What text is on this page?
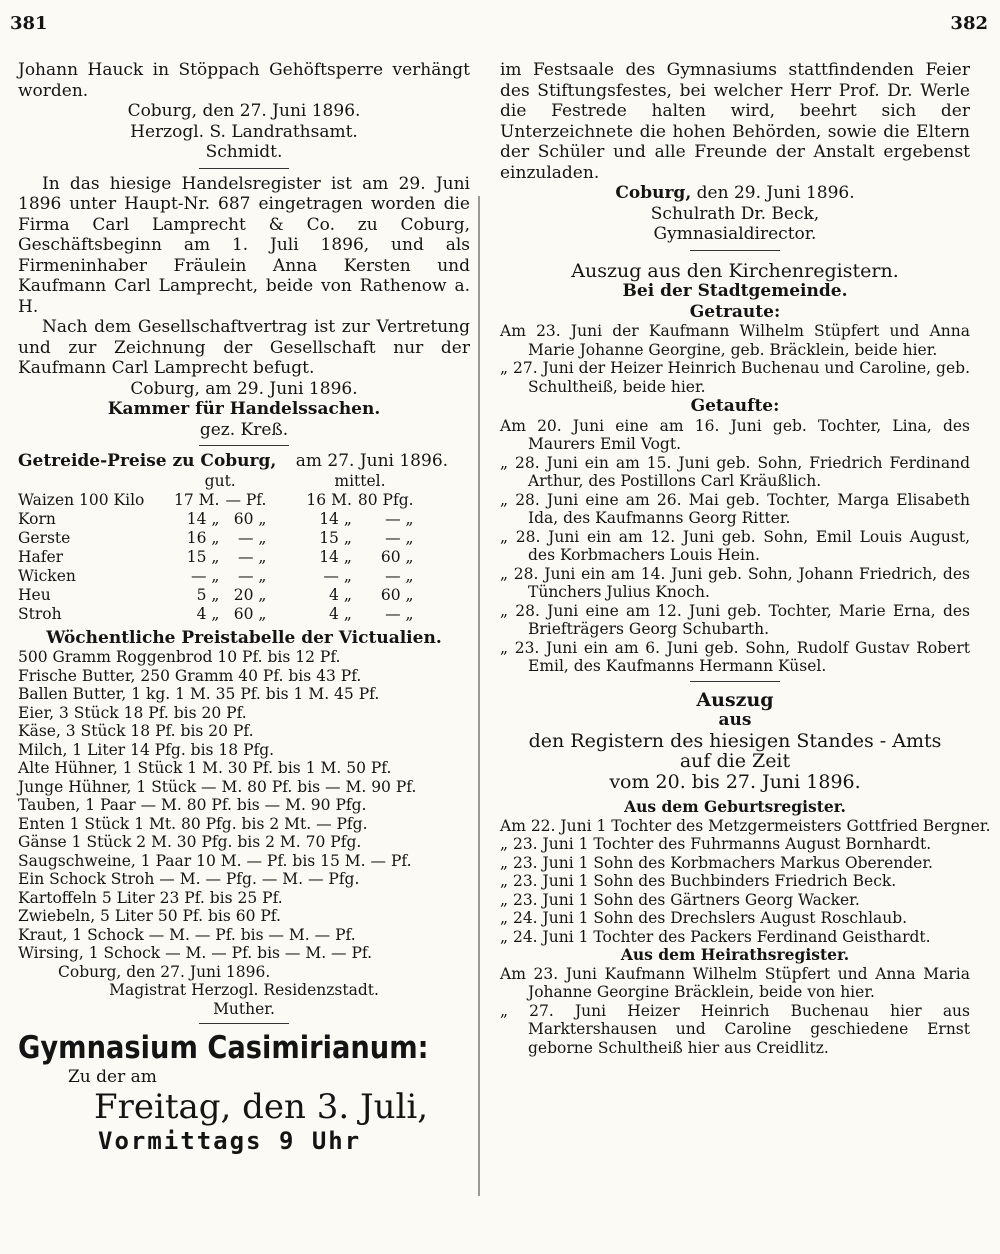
381	382

Johann Hauck in Stöppach Gehöftsperre verhängt worden.

Coburg, den 27. Juni 1896.

Herzogl. S. Landrathsamt.

Schmidt.

In das hiesige Handelsregister ist am 29. Juni 1896 unter Haupt-Nr. 687 eingetragen worden die Firma Carl Lamprecht & Co. zu Coburg, Geschäftsbeginn am 1. Juli 1896, und als Firmeninhaber Fräulein Anna Kersten und Kaufmann Carl Lamprecht, beide von Rathenow a. H.

Nach dem Gesellschaftvertrag ist zur Vertretung und zur Zeichnung der Gesellschaft nur der Kaufmann Carl Lamprecht befugt.

Coburg, am 29. Juni 1896.

Kammer für Handelssachen.

gez. Kreß.

Getreide-Preise zu Coburg, am 27. Juni 1896.

	gut.			mittel.	
Waizen 100 Kilo	17 M.	— Pf.		16 M.	80 Pfg.
Korn	14 „	60 „		14 „	— „
Gerste	16 „	— „		15 „	— „
Hafer	15 „	— „		14 „	60 „
Wicken	— „	— „		— „	— „
Heu	5 „	20 „		4 „	60 „
Stroh	4 „	60 „		4 „	— „

Wöchentliche Preistabelle der Victualien.

500 Gramm Roggenbrod 10 Pf. bis 12 Pf.

Frische Butter, 250 Gramm 40 Pf. bis 43 Pf.

Ballen Butter, 1 kg. 1 M. 35 Pf. bis 1 M. 45 Pf.

Eier, 3 Stück 18 Pf. bis 20 Pf.

Käse, 3 Stück 18 Pf. bis 20 Pf.

Milch, 1 Liter 14 Pfg. bis 18 Pfg.

Alte Hühner, 1 Stück 1 M. 30 Pf. bis 1 M. 50 Pf.

Junge Hühner, 1 Stück — M. 80 Pf. bis — M. 90 Pf.

Tauben, 1 Paar — M. 80 Pf. bis — M. 90 Pfg.

Enten 1 Stück 1 Mt. 80 Pfg. bis 2 Mt. — Pfg.

Gänse 1 Stück 2 M. 30 Pfg. bis 2 M. 70 Pfg.

Saugschweine, 1 Paar 10 M. — Pf. bis 15 M. — Pf.

Ein Schock Stroh — M. — Pfg. — M. — Pfg.

Kartoffeln 5 Liter 23 Pf. bis 25 Pf.

Zwiebeln, 5 Liter 50 Pf. bis 60 Pf.

Kraut, 1 Schock — M. — Pf. bis — M. — Pf.

Wirsing, 1 Schock — M. — Pf. bis — M. — Pf.

Coburg, den 27. Juni 1896.

Magistrat Herzogl. Residenzstadt.

Muther.

Gymnasium Casimirianum:

Zu der am

Freitag, den 3. Juli,

Vormittags 9 Uhr

im Festsaale des Gymnasiums stattfindenden Feier des Stiftungsfestes, bei welcher Herr Prof. Dr. Werle die Festrede halten wird, beehrt sich der Unterzeichnete die hohen Behörden, sowie die Eltern der Schüler und alle Freunde der Anstalt ergebenst einzuladen.

Coburg, den 29. Juni 1896.

Schulrath Dr. Beck,

Gymnasialdirector.

Auszug aus den Kirchenregistern.

Bei der Stadtgemeinde.

Getraute:

Am 23. Juni der Kaufmann Wilhelm Stüpfert und Anna Marie Johanne Georgine, geb. Bräcklein, beide hier.

„ 27. Juni der Heizer Heinrich Buchenau und Caroline, geb. Schultheiß, beide hier.

Getaufte:

Am 20. Juni eine am 16. Juni geb. Tochter, Lina, des Maurers Emil Vogt.

„ 28. Juni ein am 15. Juni geb. Sohn, Friedrich Ferdinand Arthur, des Postillons Carl Kräußlich.

„ 28. Juni eine am 26. Mai geb. Tochter, Marga Elisabeth Ida, des Kaufmanns Georg Ritter.

„ 28. Juni ein am 12. Juni geb. Sohn, Emil Louis August, des Korbmachers Louis Hein.

„ 28. Juni ein am 14. Juni geb. Sohn, Johann Friedrich, des Tünchers Julius Knoch.

„ 28. Juni eine am 12. Juni geb. Tochter, Marie Erna, des Briefträgers Georg Schubarth.

„ 23. Juni ein am 6. Juni geb. Sohn, Rudolf Gustav Robert Emil, des Kaufmanns Hermann Küsel.

Auszug

aus

den Registern des hiesigen Standes - Amts

auf die Zeit

vom 20. bis 27. Juni 1896.

Aus dem Geburtsregister.

Am 22. Juni 1 Tochter des Metzgermeisters Gottfried Bergner.

„ 23. Juni 1 Tochter des Fuhrmanns August Bornhardt.

„ 23. Juni 1 Sohn des Korbmachers Markus Oberender.

„ 23. Juni 1 Sohn des Buchbinders Friedrich Beck.

„ 23. Juni 1 Sohn des Gärtners Georg Wacker.

„ 24. Juni 1 Sohn des Drechslers August Roschlaub.

„ 24. Juni 1 Tochter des Packers Ferdinand Geisthardt.

Aus dem Heirathsregister.

Am 23. Juni Kaufmann Wilhelm Stüpfert und Anna Maria Johanne Georgine Bräcklein, beide von hier.

„ 27. Juni Heizer Heinrich Buchenau hier aus Marktershausen und Caroline geschiedene Ernst geborne Schultheiß hier aus Creidlitz.
